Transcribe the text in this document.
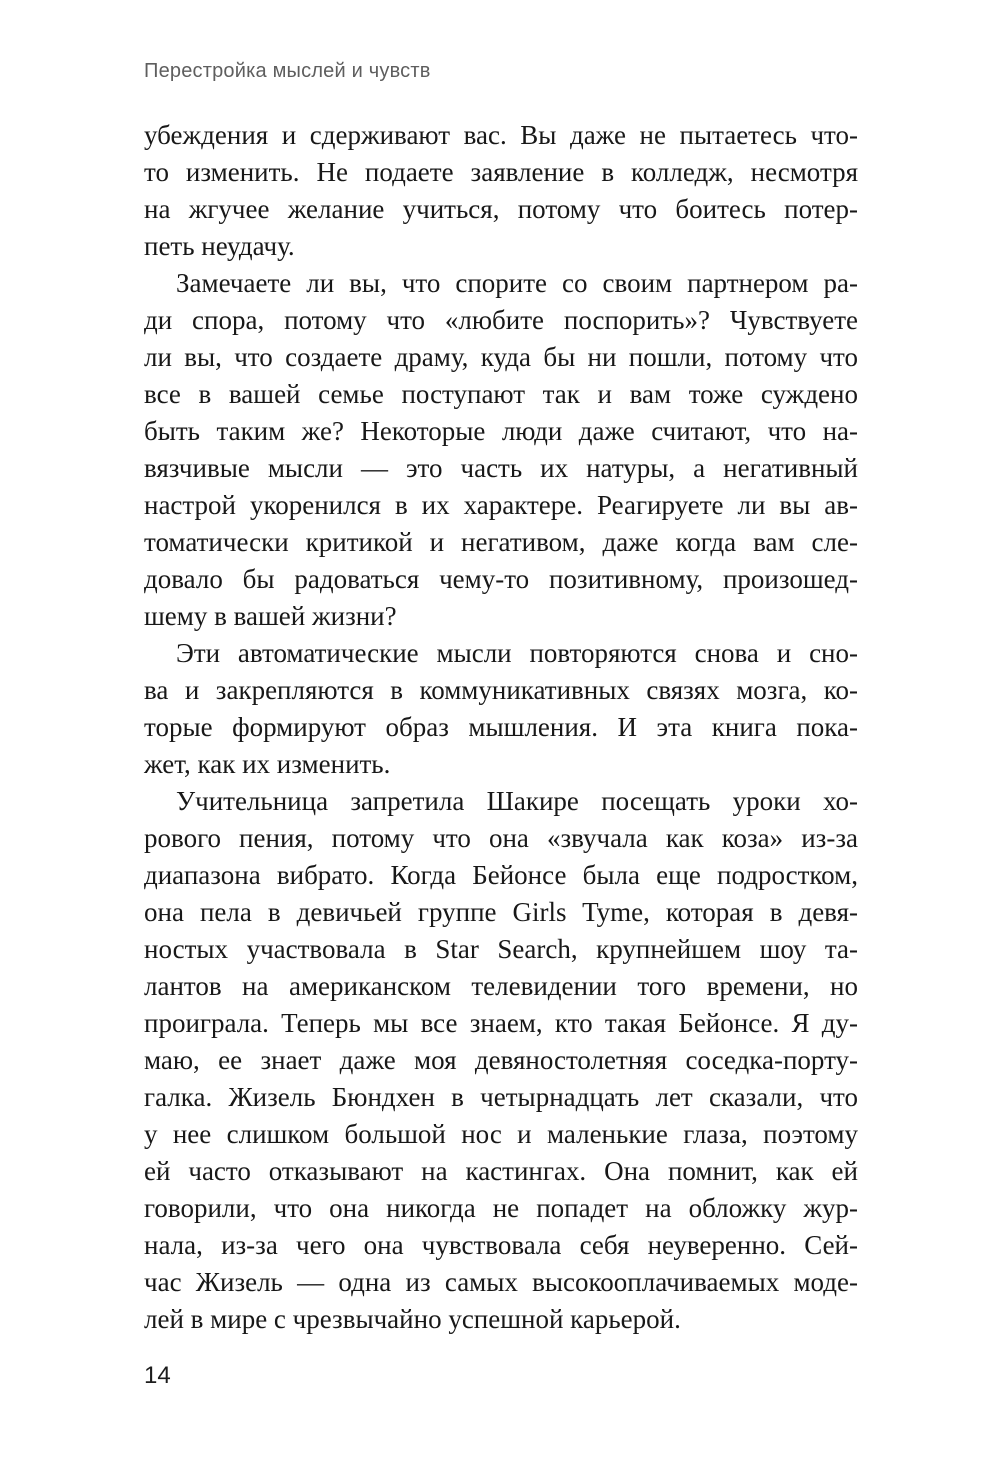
Перестройка мыслей и чувств
убеждения и сдерживают вас. Вы даже не пытаетесь что-
то изменить. Не подаете заявление в колледж, несмотря
на жгучее желание учиться, потому что боитесь потер-
петь неудачу.
Замечаете ли вы, что спорите со своим партнером ра-
ди спора, потому что «любите поспорить»? Чувствуете
ли вы, что создаете драму, куда бы ни пошли, потому что
все в вашей семье поступают так и вам тоже суждено
быть таким же? Некоторые люди даже считают, что на-
вязчивые мысли — это часть их натуры, а негативный
настрой укоренился в их характере. Реагируете ли вы ав-
томатически критикой и негативом, даже когда вам сле-
довало бы радоваться чему-то позитивному, произошед-
шему в вашей жизни?
Эти автоматические мысли повторяются снова и сно-
ва и закрепляются в коммуникативных связях мозга, ко-
торые формируют образ мышления. И эта книга пока-
жет, как их изменить.
Учительница запретила Шакире посещать уроки хо-
рового пения, потому что она «звучала как коза» из-за
диапазона вибрато. Когда Бейонсе была еще подростком,
она пела в девичьей группе Girls Tyme, которая в девя-
ностых участвовала в Star Search, крупнейшем шоу та-
лантов на американском телевидении того времени, но
проиграла. Теперь мы все знаем, кто такая Бейонсе. Я ду-
маю, ее знает даже моя девяностолетняя соседка-порту-
галка. Жизель Бюндхен в четырнадцать лет сказали, что
у нее слишком большой нос и маленькие глаза, поэтому
ей часто отказывают на кастингах. Она помнит, как ей
говорили, что она никогда не попадет на обложку жур-
нала, из-за чего она чувствовала себя неуверенно. Сей-
час Жизель — одна из самых высокооплачиваемых моде-
лей в мире с чрезвычайно успешной карьерой.
14
